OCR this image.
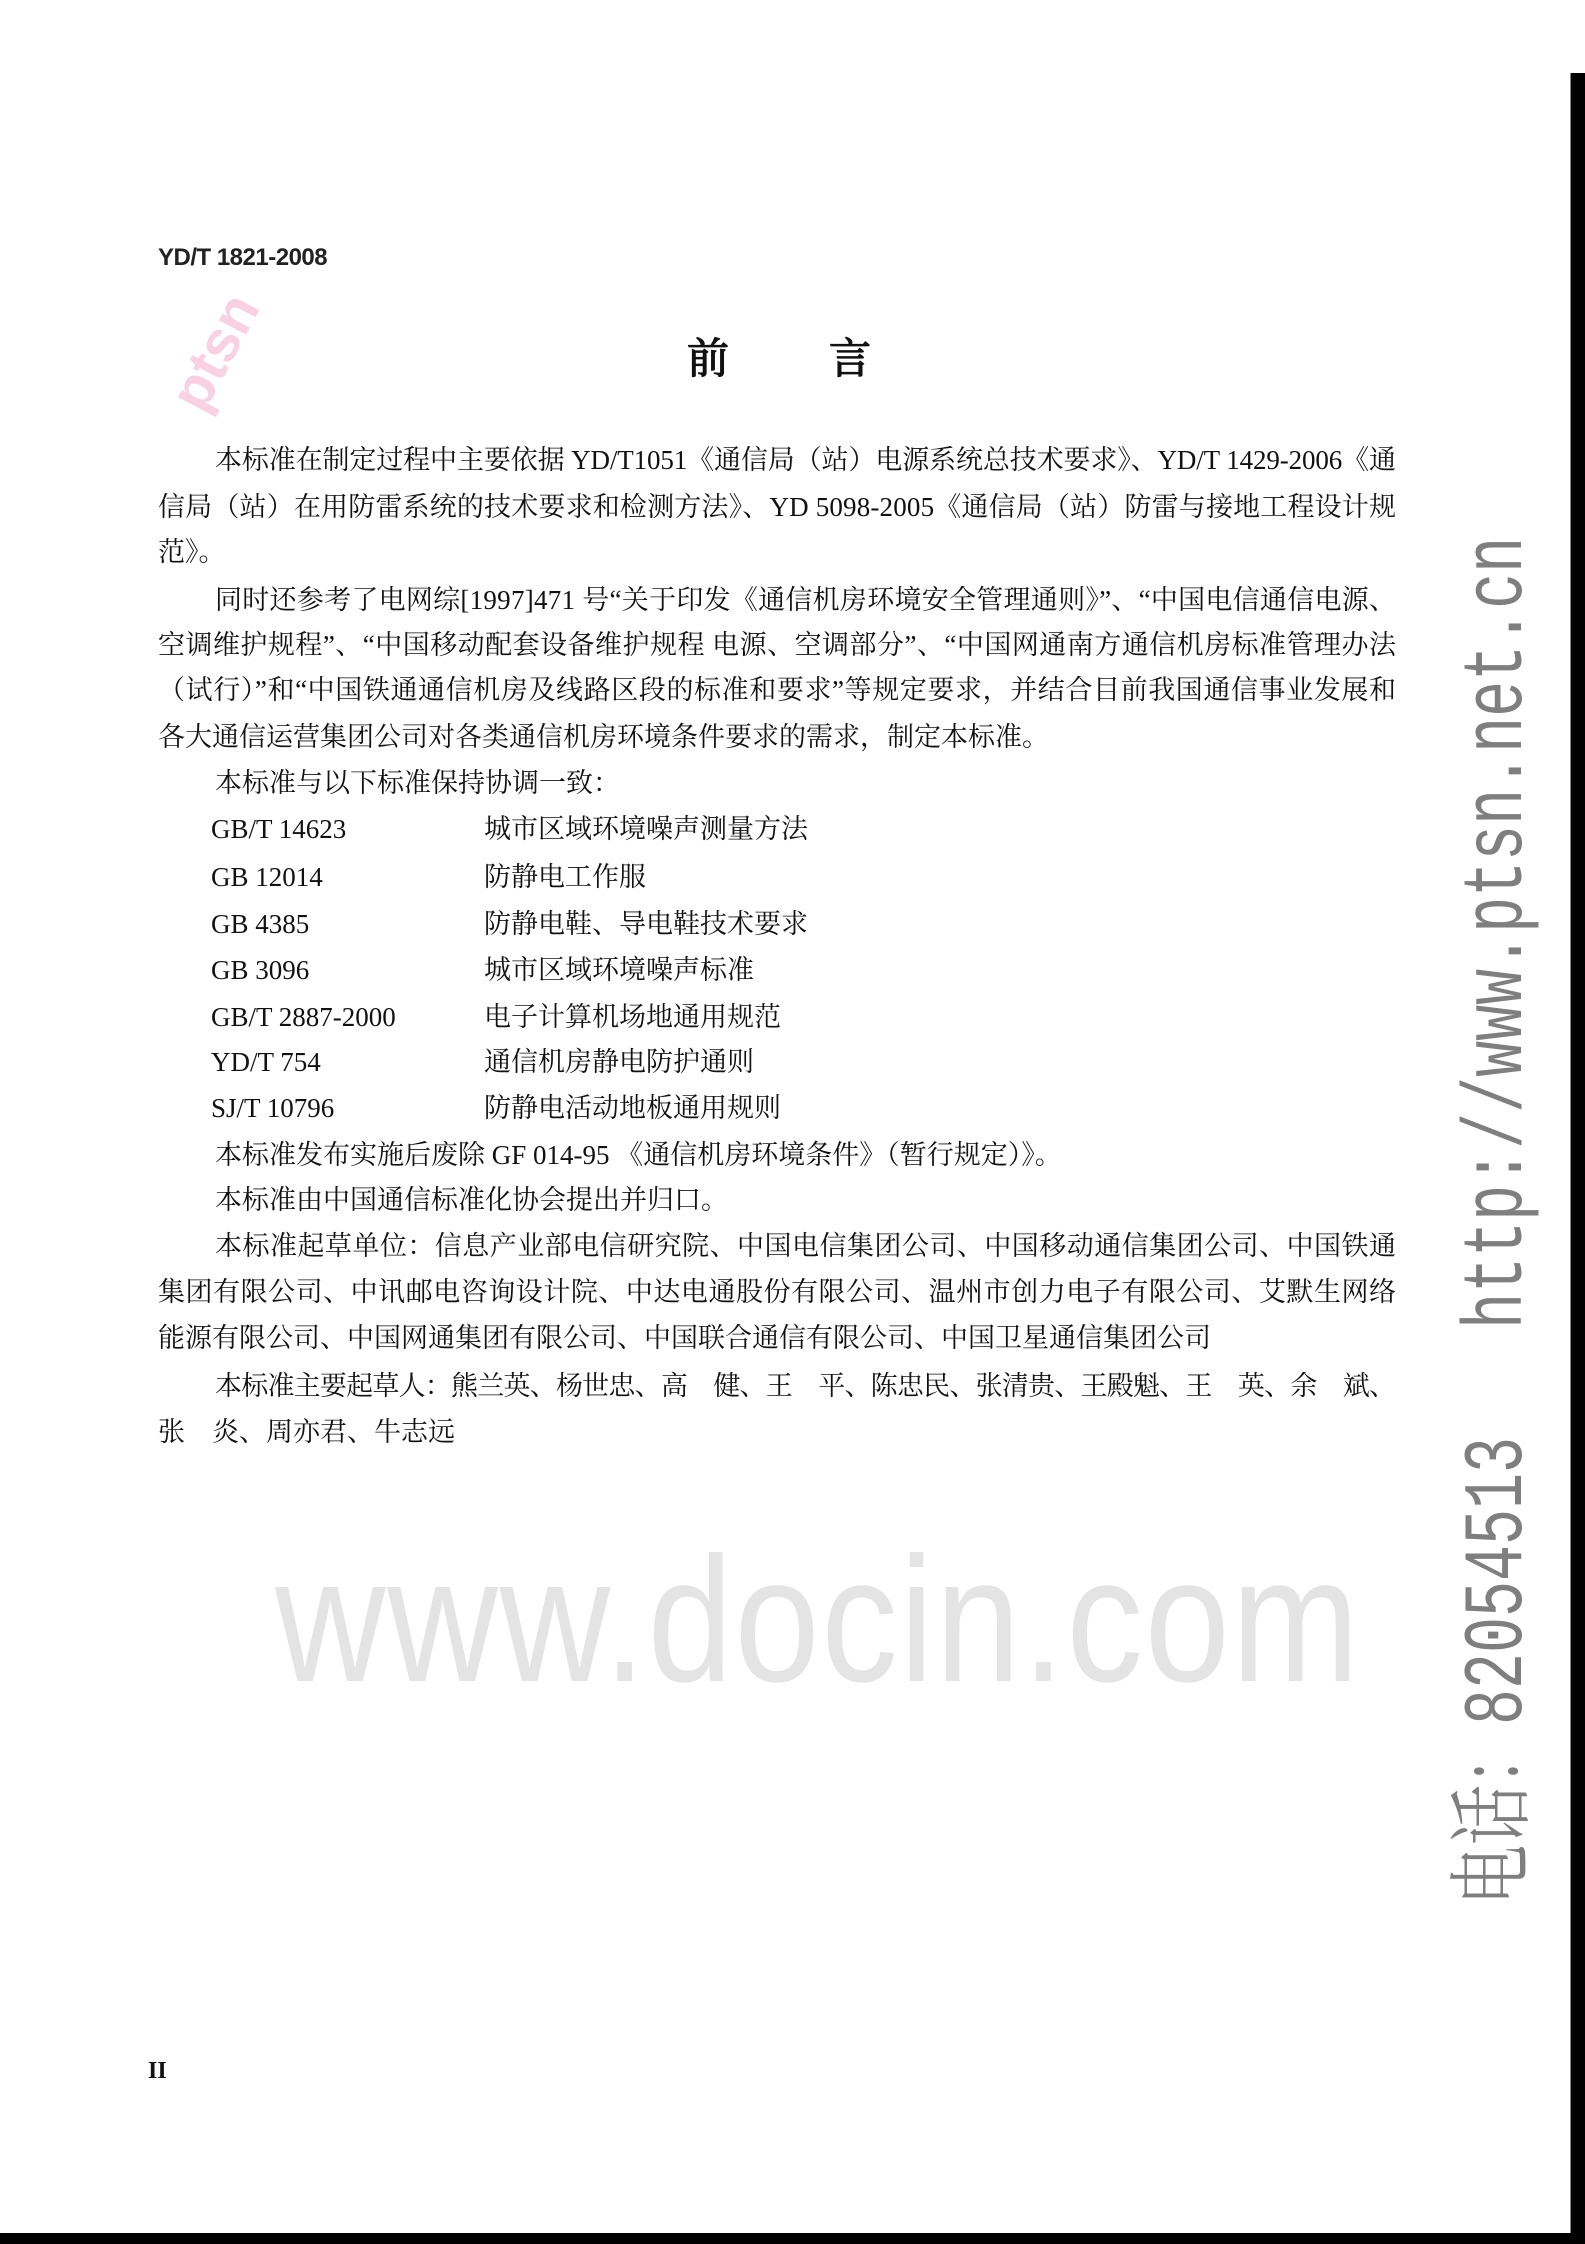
ptsn
www.docin.com 电话：82054513   http://www.ptsn.net.cn
YD/T 1821-2008
前 言
本标准在制定过程中主要依据 YD/T1051《通信局（站）电源系统总技术要求》、YD/T 1429-2006《通
信局（站）在用防雷系统的技术要求和检测方法》、YD 5098-2005《通信局（站）防雷与接地工程设计规
范》。
同时还参考了电网综[1997]471 号“关于印发《通信机房环境安全管理通则》”、“中国电信通信电源、
空调维护规程”、“中国移动配套设备维护规程 电源、空调部分”、“中国网通南方通信机房标准管理办法
（试行）”和“中国铁通通信机房及线路区段的标准和要求”等规定要求，并结合目前我国通信事业发展和
各大通信运营集团公司对各类通信机房环境条件要求的需求，制定本标准。
本标准与以下标准保持协调一致：
GB/T 14623	城市区域环境噪声测量方法
GB 12014	防静电工作服
GB 4385	防静电鞋、导电鞋技术要求
GB 3096	城市区域环境噪声标准
GB/T 2887-2000	电子计算机场地通用规范
YD/T 754	通信机房静电防护通则
SJ/T 10796	防静电活动地板通用规则
本标准发布实施后废除 GF 014-95 《通信机房环境条件》（暂行规定）》。
本标准由中国通信标准化协会提出并归口。
本标准起草单位：信息产业部电信研究院、中国电信集团公司、中国移动通信集团公司、中国铁通
集团有限公司、中讯邮电咨询设计院、中达电通股份有限公司、温州市创力电子有限公司、艾默生网络
能源有限公司、中国网通集团有限公司、中国联合通信有限公司、中国卫星通信集团公司
本标准主要起草人：熊兰英、杨世忠、高　健、王　平、陈忠民、张清贵、王殿魁、王　英、余　斌、
张　炎、周亦君、牛志远
II
